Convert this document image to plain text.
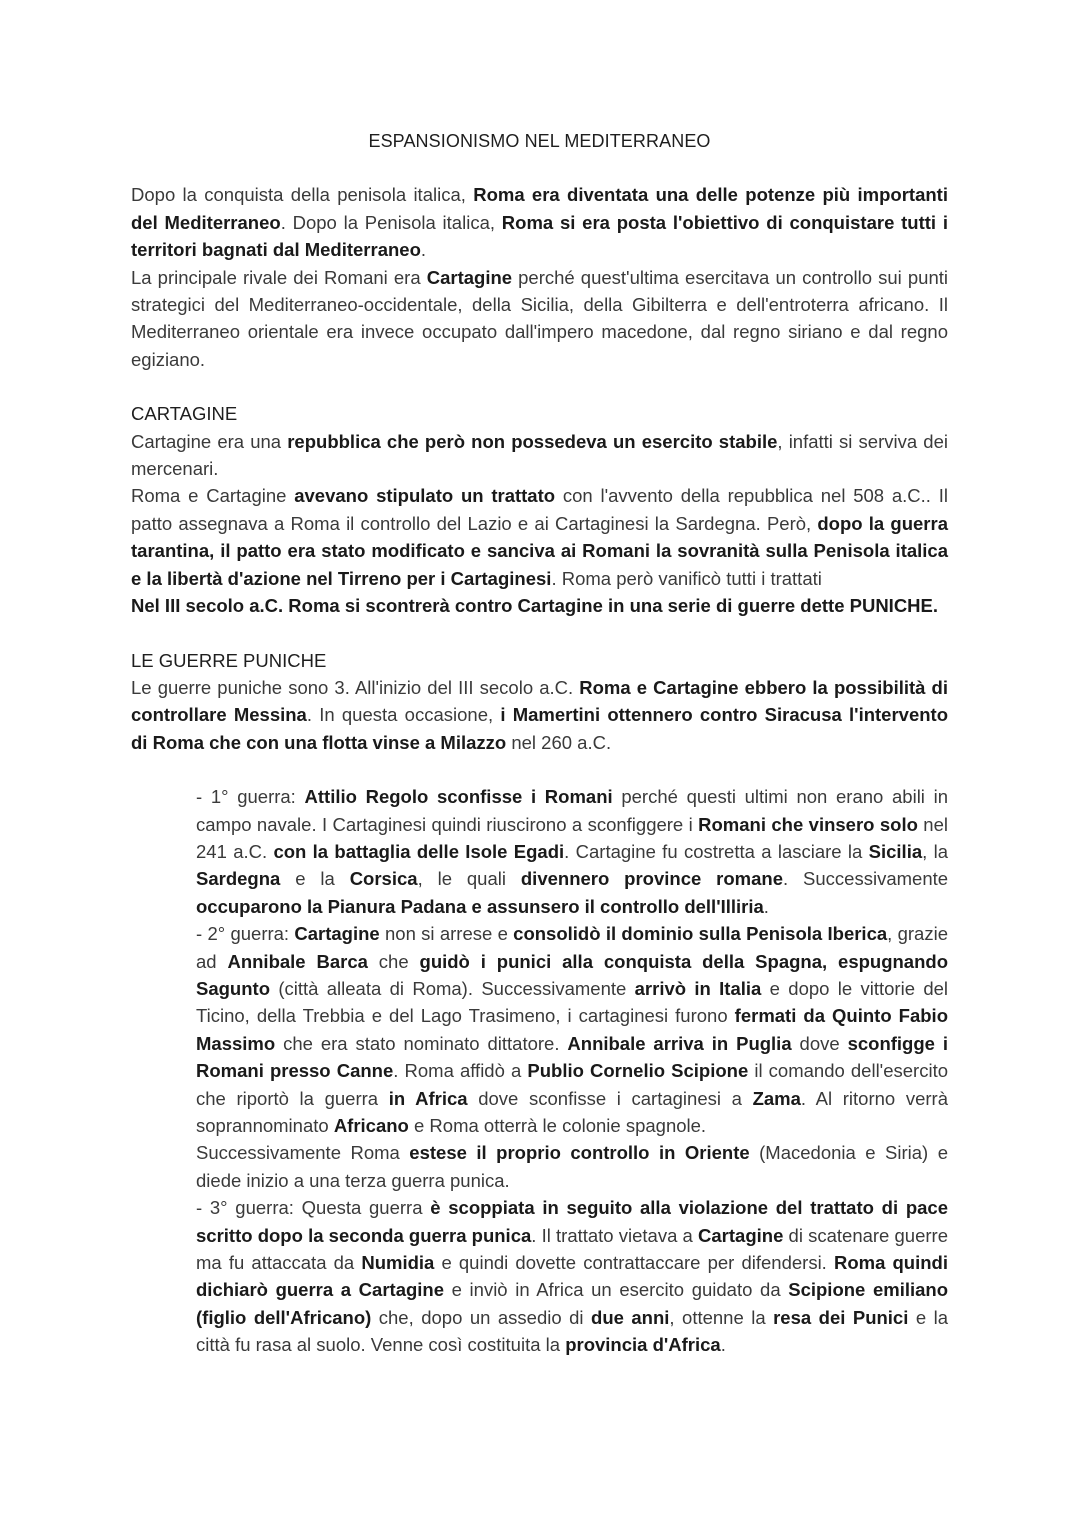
ESPANSIONISMO NEL MEDITERRANEO

Dopo la conquista della penisola italica, Roma era diventata una delle potenze più importanti del Mediterraneo. Dopo la Penisola italica, Roma si era posta l'obiettivo di conquistare tutti i territori bagnati dal Mediterraneo.

La principale rivale dei Romani era Cartagine perché quest'ultima esercitava un controllo sui punti strategici del Mediterraneo-occidentale, della Sicilia, della Gibilterra e dell'entroterra africano. Il Mediterraneo orientale era invece occupato dall'impero macedone, dal regno siriano e dal regno egiziano.

CARTAGINE

Cartagine era una repubblica che però non possedeva un esercito stabile, infatti si serviva dei mercenari.

Roma e Cartagine avevano stipulato un trattato con l'avvento della repubblica nel 508 a.C.. Il patto assegnava a Roma il controllo del Lazio e ai Cartaginesi la Sardegna. Però, dopo la guerra tarantina, il patto era stato modificato e sanciva ai Romani la sovranità sulla Penisola italica e la libertà d'azione nel Tirreno per i Cartaginesi. Roma però vanificò tutti i trattati

Nel III secolo a.C. Roma si scontrerà contro Cartagine in una serie di guerre dette PUNICHE.

LE GUERRE PUNICHE

Le guerre puniche sono 3. All'inizio del III secolo a.C. Roma e Cartagine ebbero la possibilità di controllare Messina. In questa occasione, i Mamertini ottennero contro Siracusa l'intervento di Roma che con una flotta vinse a Milazzo nel 260 a.C.

- 1° guerra: Attilio Regolo sconfisse i Romani perché questi ultimi non erano abili in campo navale. I Cartaginesi quindi riuscirono a sconfiggere i Romani che vinsero solo nel 241 a.C. con la battaglia delle Isole Egadi. Cartagine fu costretta a lasciare la Sicilia, la Sardegna e la Corsica, le quali divennero province romane. Successivamente occuparono la Pianura Padana e assunsero il controllo dell'Illiria.

- 2° guerra: Cartagine non si arrese e consolidò il dominio sulla Penisola Iberica, grazie ad Annibale Barca che guidò i punici alla conquista della Spagna, espugnando Sagunto (città alleata di Roma). Successivamente arrivò in Italia e dopo le vittorie del Ticino, della Trebbia e del Lago Trasimeno, i cartaginesi furono fermati da Quinto Fabio Massimo che era stato nominato dittatore. Annibale arriva in Puglia dove sconfigge i Romani presso Canne. Roma affidò a Publio Cornelio Scipione il comando dell'esercito che riportò la guerra in Africa dove sconfisse i cartaginesi a Zama. Al ritorno verrà soprannominato Africano e Roma otterrà le colonie spagnole.

Successivamente Roma estese il proprio controllo in Oriente (Macedonia e Siria) e diede inizio a una terza guerra punica.

- 3° guerra: Questa guerra è scoppiata in seguito alla violazione del trattato di pace scritto dopo la seconda guerra punica. Il trattato vietava a Cartagine di scatenare guerre ma fu attaccata da Numidia e quindi dovette contrattaccare per difendersi. Roma quindi dichiarò guerra a Cartagine e inviò in Africa un esercito guidato da Scipione emiliano (figlio dell'Africano) che, dopo un assedio di due anni, ottenne la resa dei Punici e la città fu rasa al suolo. Venne così costituita la provincia d'Africa.
